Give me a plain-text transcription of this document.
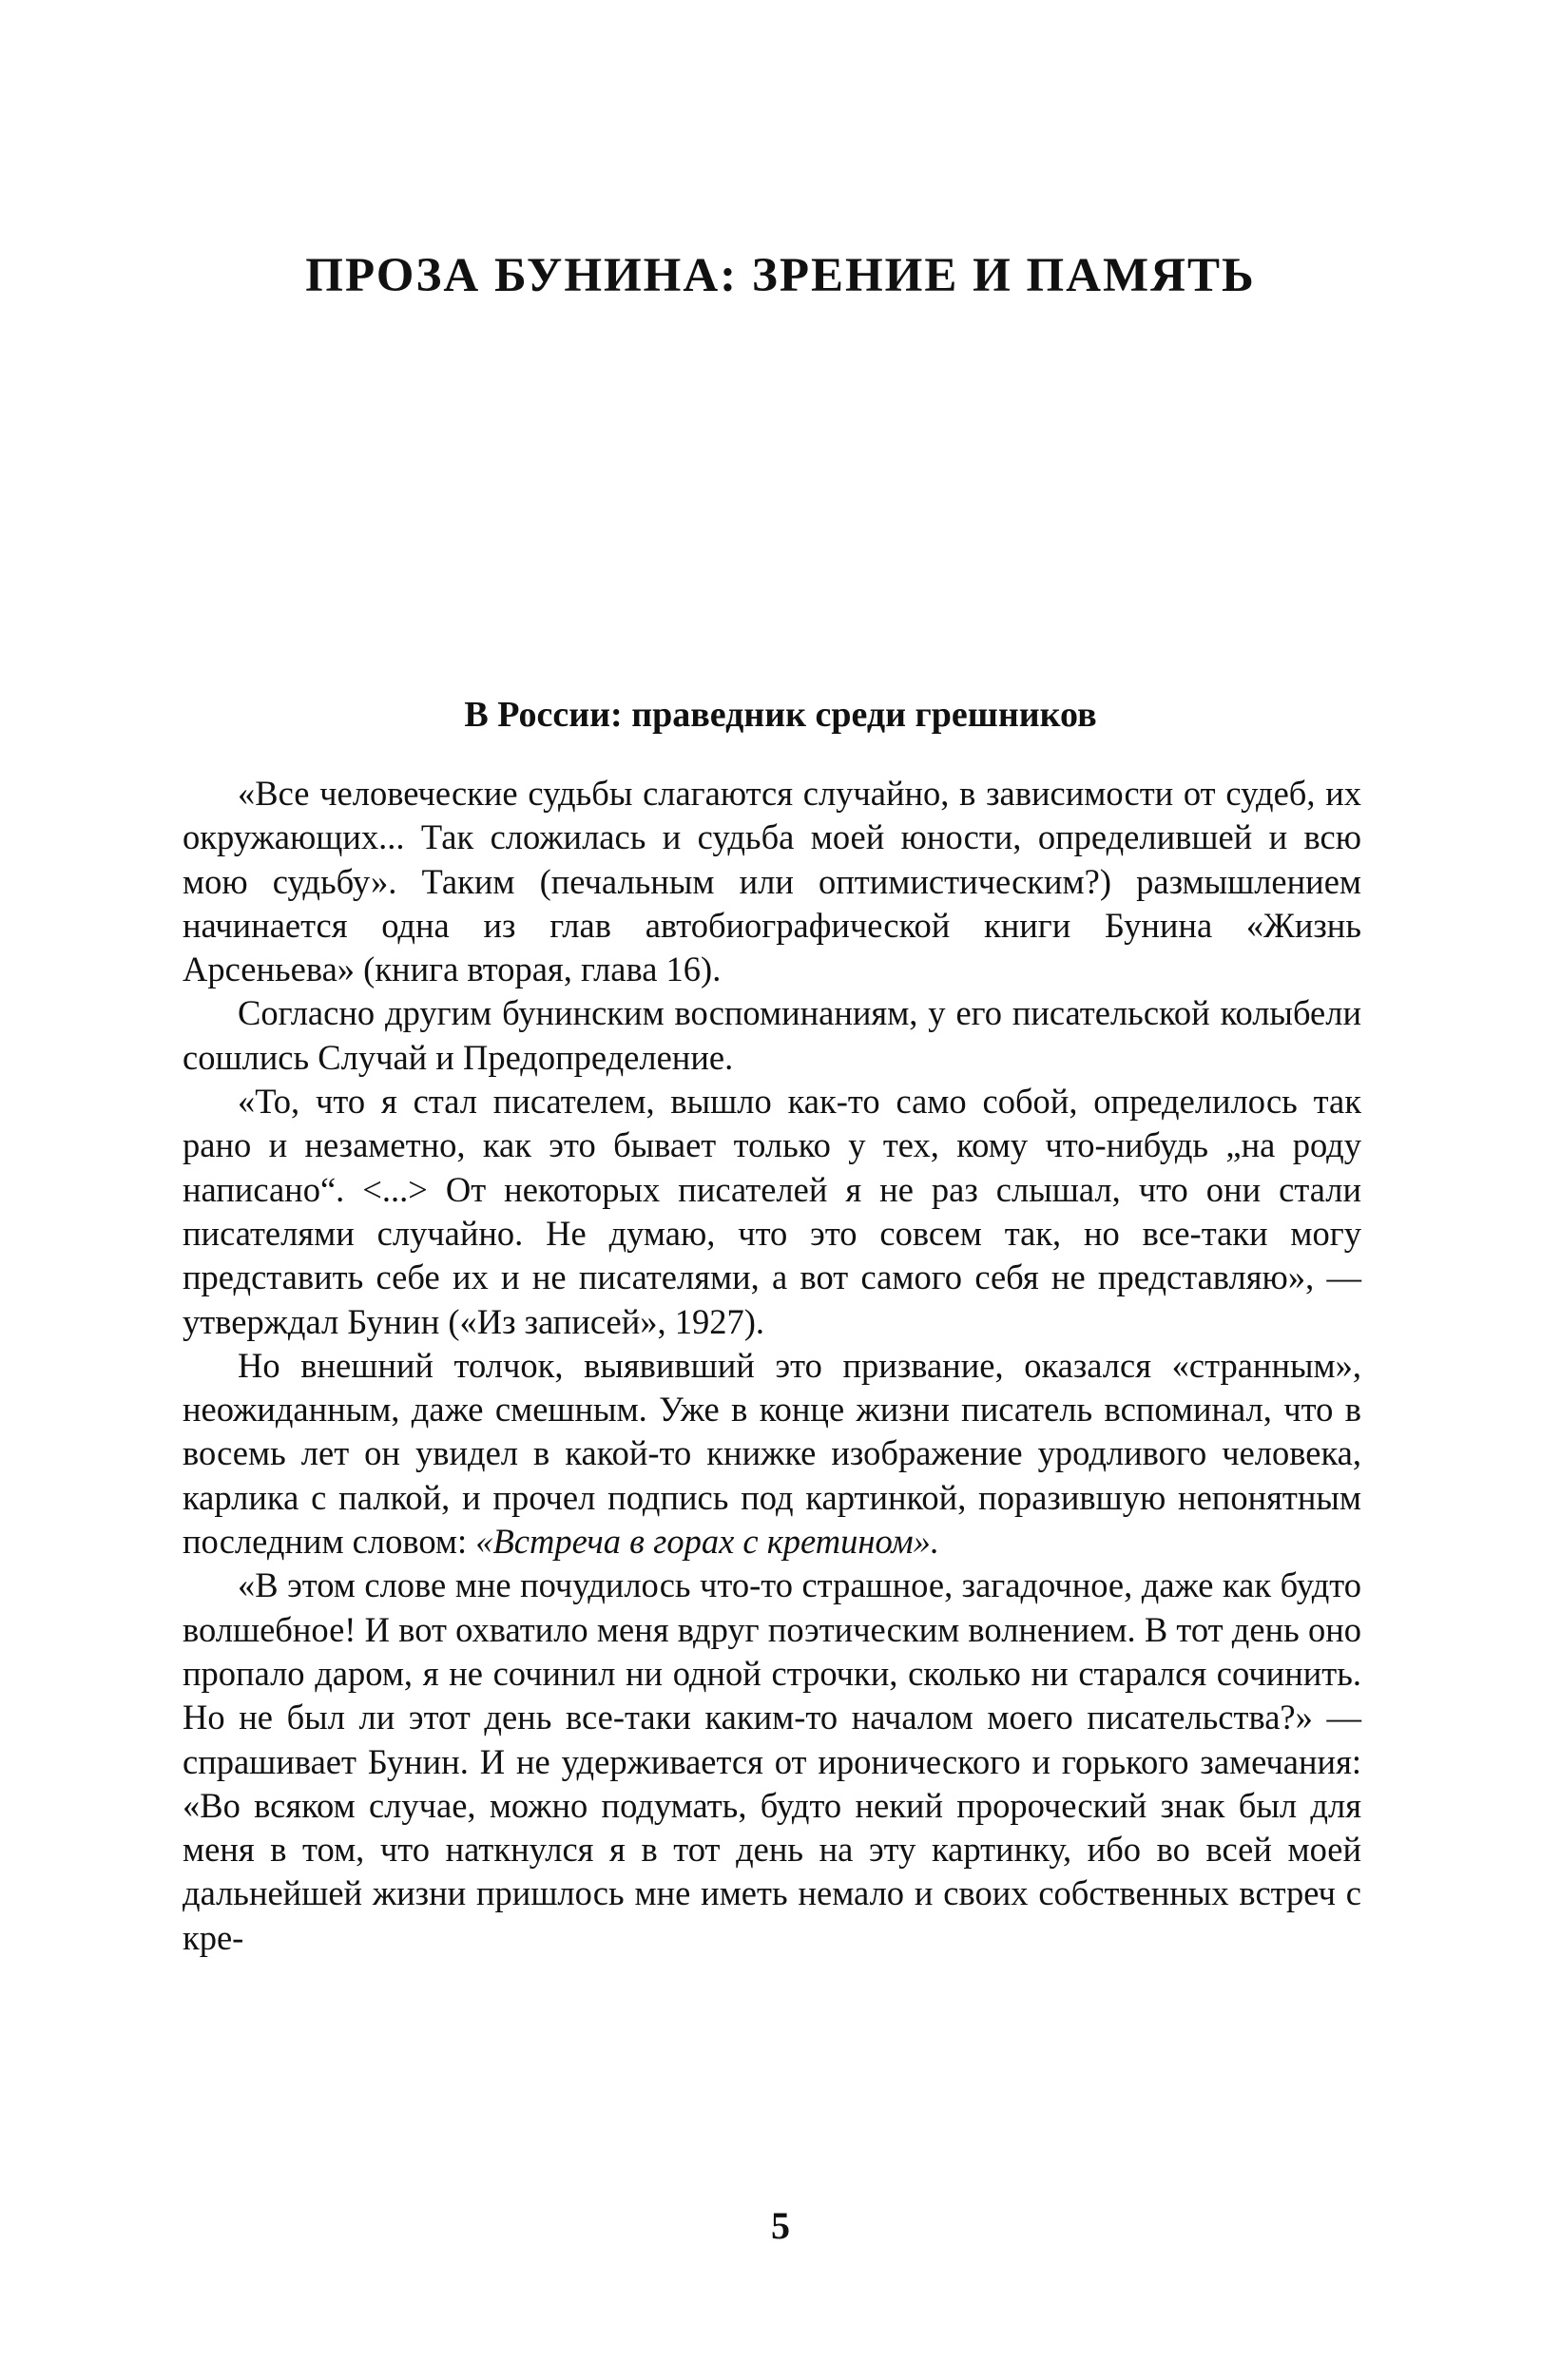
ПРОЗА БУНИНА: ЗРЕНИЕ И ПАМЯТЬ
В России: праведник среди грешников

«Все человеческие судьбы слагаются случайно, в зависимости от судеб, их окружающих... Так сложилась и судьба моей юности, определившей и всю мою судьбу». Таким (печальным или оптимистическим?) размышлением начинается одна из глав автобиографической книги Бунина «Жизнь Арсеньева» (книга вторая, глава 16).

Согласно другим бунинским воспоминаниям, у его писательской колыбели сошлись Случай и Предопределение.

«То, что я стал писателем, вышло как-то само собой, определилось так рано и незаметно, как это бывает только у тех, кому что-нибудь „на роду написано“. <...> От некоторых писателей я не раз слышал, что они стали писателями случайно. Не думаю, что это совсем так, но все-таки могу представить себе их и не писателями, а вот самого себя не представляю», — утверждал Бунин («Из записей», 1927).

Но внешний толчок, выявивший это призвание, оказался «странным», неожиданным, даже смешным. Уже в конце жизни писатель вспоминал, что в восемь лет он увидел в какой-то книжке изображение уродливого человека, карлика с палкой, и прочел подпись под картинкой, поразившую непонятным последним словом: «Встреча в горах с кретином».

«В этом слове мне почудилось что-то страшное, загадочное, даже как будто волшебное! И вот охватило меня вдруг поэтическим волнением. В тот день оно пропало даром, я не сочинил ни одной строчки, сколько ни старался сочинить. Но не был ли этот день все-таки каким-то началом моего писательства?» — спрашивает Бунин. И не удерживается от иронического и горького замечания: «Во всяком случае, можно подумать, будто некий пророческий знак был для меня в том, что наткнулся я в тот день на эту картинку, ибо во всей моей дальнейшей жизни пришлось мне иметь немало и своих собственных встреч с кре-

5
